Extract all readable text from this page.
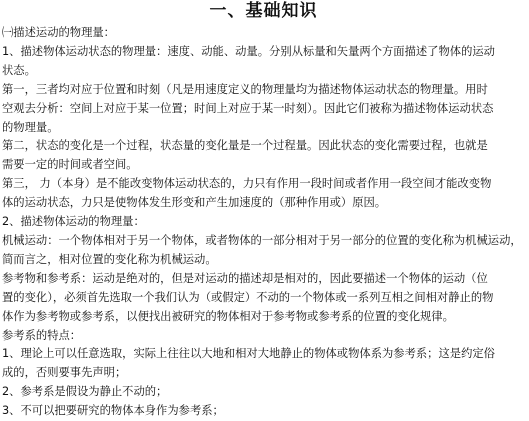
一、基础知识
㈠描述运动的物理量：
1、描述物体运动状态的物理量：速度、动能、动量。分别从标量和矢量两个方面描述了物体的运动
状态。
第一，三者均对应于位置和时刻（凡是用速度定义的物理量均为描述物体运动状态的物理量。用时
空观去分析：空间上对应于某一位置；时间上对应于某一时刻）。因此它们被称为描述物体运动状态
的物理量。
第二，状态的变化是一个过程，状态量的变化量是一个过程量。因此状态的变化需要过程，也就是
需要一定的时间或者空间。
第三， 力（本身）是不能改变物体运动状态的，力只有作用一段时间或者作用一段空间才能改变物
体的运动状态，力只是使物体发生形变和产生加速度的（那种作用或）原因。
2、描述物体运动的物理量：
机械运动：一个物体相对于另一个物体，或者物体的一部分相对于另一部分的位置的变化称为机械运动，
简而言之，相对位置的变化称为机械运动。
参考物和参考系：运动是绝对的，但是对运动的描述却是相对的，因此要描述一个物体的运动（位
置的变化），必须首先选取一个我们认为（或假定）不动的一个物体或一系列互相之间相对静止的物
体作为参考物或参考系，以便找出被研究的物体相对于参考物或参考系的位置的变化规律。
参考系的特点：
1、理论上可以任意选取，实际上往往以大地和相对大地静止的物体或物体系为参考系；这是约定俗
成的，否则要事先声明；
2、参考系是假设为静止不动的；
3、不可以把要研究的物体本身作为参考系；
